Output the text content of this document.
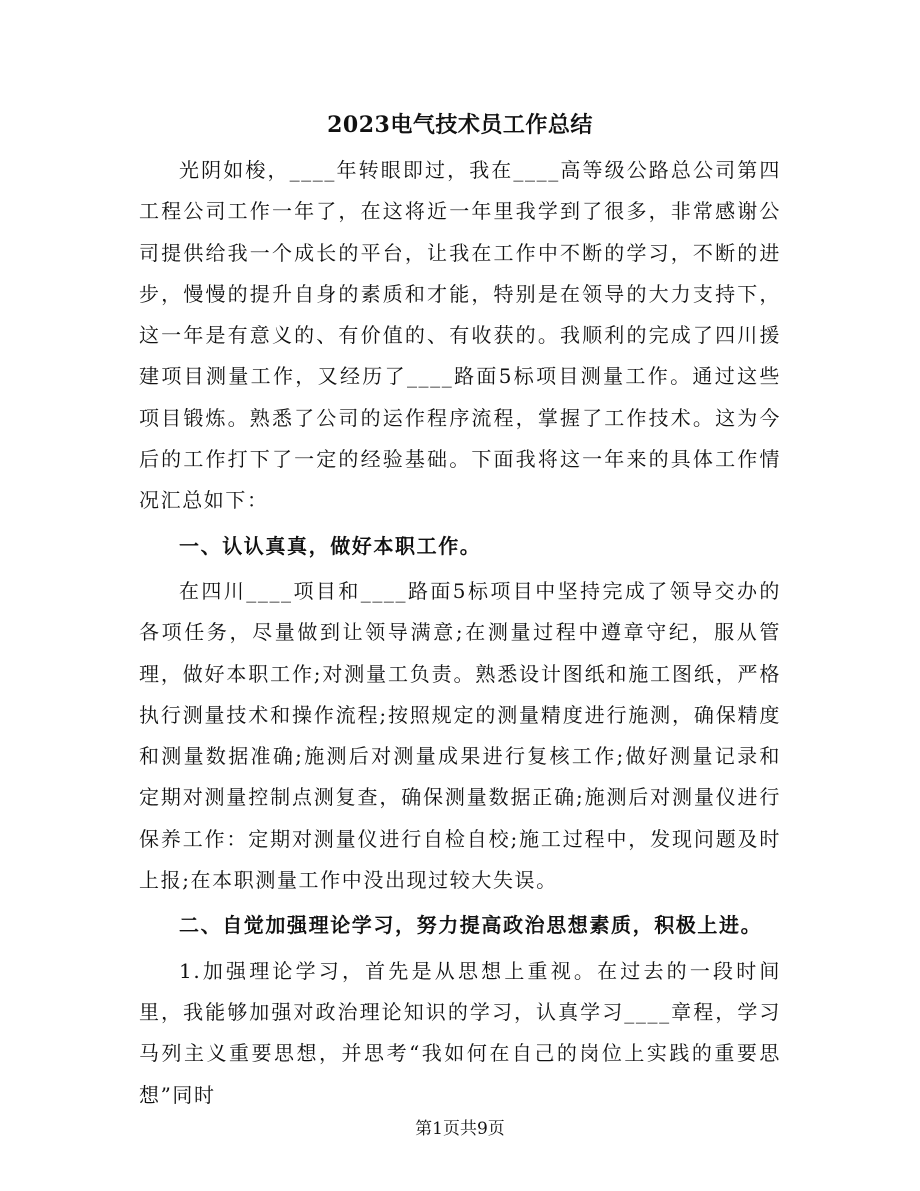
2023电气技术员工作总结

光阴如梭，____年转眼即过，我在____高等级公路总公司第四工程公司工作一年了，在这将近一年里我学到了很多，非常感谢公司提供给我一个成长的平台，让我在工作中不断的学习，不断的进步，慢慢的提升自身的素质和才能，特别是在领导的大力支持下，这一年是有意义的、有价值的、有收获的。我顺利的完成了四川援建项目测量工作，又经历了____路面5标项目测量工作。通过这些项目锻炼。熟悉了公司的运作程序流程，掌握了工作技术。这为今后的工作打下了一定的经验基础。下面我将这一年来的具体工作情况汇总如下：

一、认认真真，做好本职工作。

在四川____项目和____路面5标项目中坚持完成了领导交办的各项任务，尽量做到让领导满意;在测量过程中遵章守纪，服从管理，做好本职工作;对测量工负责。熟悉设计图纸和施工图纸，严格执行测量技术和操作流程;按照规定的测量精度进行施测，确保精度和测量数据准确;施测后对测量成果进行复核工作;做好测量记录和定期对测量控制点测复查，确保测量数据正确;施测后对测量仪进行保养工作：定期对测量仪进行自检自校;施工过程中，发现问题及时上报;在本职测量工作中没出现过较大失误。

二、自觉加强理论学习，努力提高政治思想素质，积极上进。

1.加强理论学习，首先是从思想上重视。在过去的一段时间里，我能够加强对政治理论知识的学习，认真学习____章程，学习马列主义重要思想，并思考“我如何在自己的岗位上实践的重要思想”同时

第1页共9页
